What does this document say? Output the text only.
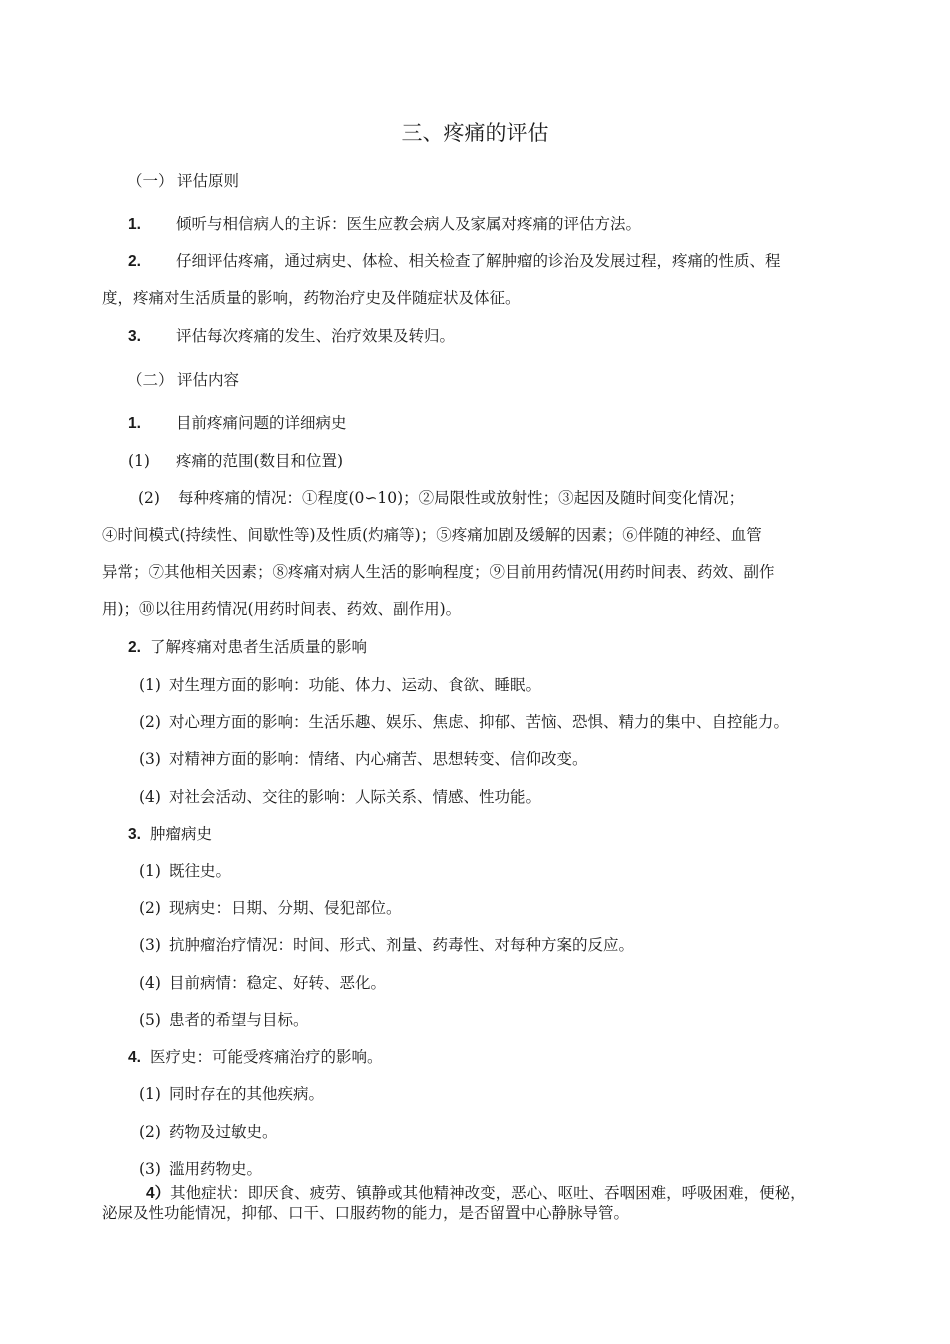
三、疼痛的评估
（一） 评估原则
1. 倾听与相信病人的主诉：医生应教会病人及家属对疼痛的评估方法。
2. 仔细评估疼痛，通过病史、体检、相关检查了解肿瘤的诊治及发展过程，疼痛的性质、程
度，疼痛对生活质量的影响，药物治疗史及伴随症状及体征。
3. 评估每次疼痛的发生、治疗效果及转归。
（二） 评估内容
1. 目前疼痛问题的详细病史
(1) 疼痛的范围(数目和位置)
(2) 每种疼痛的情况：①程度(0∽10)；②局限性或放射性；③起因及随时间变化情况；
④时间模式(持续性、间歇性等)及性质(灼痛等)；⑤疼痛加剧及缓解的因素；⑥伴随的神经、血管
异常；⑦其他相关因素；⑧疼痛对病人生活的影响程度；⑨目前用药情况(用药时间表、药效、副作
用)；⑩以往用药情况(用药时间表、药效、副作用)。
2. 了解疼痛对患者生活质量的影响
(1) 对生理方面的影响：功能、体力、运动、食欲、睡眠。
(2) 对心理方面的影响：生活乐趣、娱乐、焦虑、抑郁、苦恼、恐惧、精力的集中、自控能力。
(3) 对精神方面的影响：情绪、内心痛苦、思想转变、信仰改变。
(4) 对社会活动、交往的影响：人际关系、情感、性功能。
3. 肿瘤病史
(1) 既往史。
(2) 现病史：日期、分期、侵犯部位。
(3) 抗肿瘤治疗情况：时间、形式、剂量、药毒性、对每种方案的反应。
(4) 目前病情：稳定、好转、恶化。
(5) 患者的希望与目标。
4. 医疗史：可能受疼痛治疗的影响。
(1) 同时存在的其他疾病。
(2) 药物及过敏史。
(3) 滥用药物史。
4）其他症状：即厌食、疲劳、镇静或其他精神改变，恶心、呕吐、吞咽困难，呼吸困难，便秘，
泌尿及性功能情况，抑郁、口干、口服药物的能力，是否留置中心静脉导管。
